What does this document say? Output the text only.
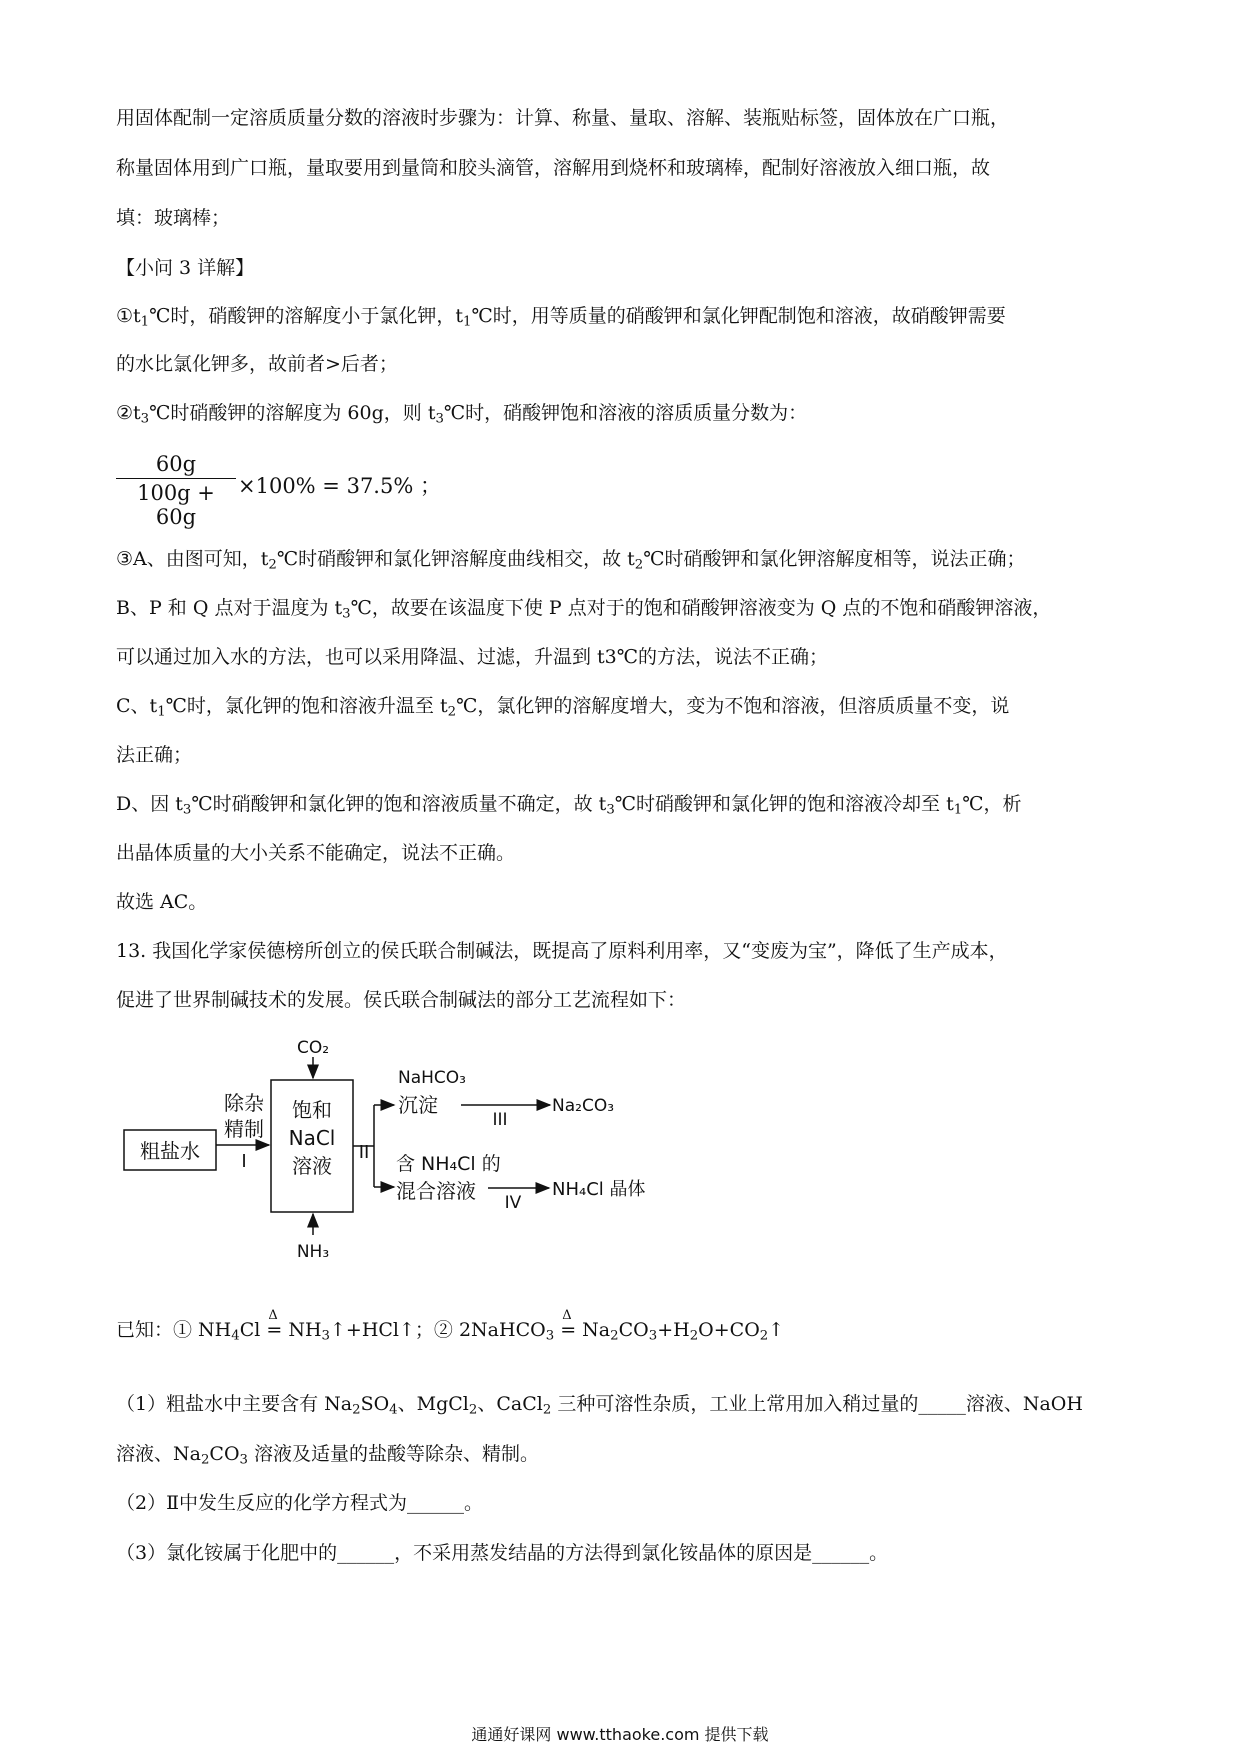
用固体配制一定溶质质量分数的溶液时步骤为：计算、称量、量取、溶解、装瓶贴标签，固体放在广口瓶，
称量固体用到广口瓶，量取要用到量筒和胶头滴管，溶解用到烧杯和玻璃棒，配制好溶液放入细口瓶，故
填：玻璃棒；
【小问 3 详解】
$①t_1℃$时，硝酸钾的溶解度小于氯化钾，$t_1℃$时，用等质量的硝酸钾和氯化钾配制饱和溶液，故硝酸钾需要
的水比氯化钾多，故前者>后者；
$②t_3℃$时硝酸钾的溶解度为 60g，则 $t_3℃$时，硝酸钾饱和溶液的溶质质量分数为：
③A、由图可知，$t_2℃$时硝酸钾和氯化钾溶解度曲线相交，故 $t_2℃$时硝酸钾和氯化钾溶解度相等，说法正确；
B、P 和 Q 点对于温度为 $t_3℃$，故要在该温度下使 P 点对于的饱和硝酸钾溶液变为 Q 点的不饱和硝酸钾溶液，
可以通过加入水的方法，也可以采用降温、过滤，升温到 t3℃的方法，说法不正确；
C、$t_1℃$时，氯化钾的饱和溶液升温至 $t_2℃$，氯化钾的溶解度增大，变为不饱和溶液，但溶质质量不变，说
法正确；
D、因 $t_3℃$时硝酸钾和氯化钾的饱和溶液质量不确定，故 $t_3℃$时硝酸钾和氯化钾的饱和溶液冷却至 $t_1℃$，析
出晶体质量的大小关系不能确定，说法不正确。
故选 AC。
13. 我国化学家侯德榜所创立的侯氏联合制碱法，既提高了原料利用率，又“变废为宝”，降低了生产成本，
促进了世界制碱技术的发展。侯氏联合制碱法的部分工艺流程如下：
已知：① $NH_4Cl$
Δ
= $NH_3↑+HCl↑$；② 2NaHCO$_3$
Δ
= $Na_2CO_3+H_2O+CO_2↑$
（1）粗盐水中主要含有 $Na_2SO_4$、MgCl$_2$、CaCl$_2$ 三种可溶性杂质，工业上常用加入稍过量的_____溶液、NaOH
溶液、$Na_2CO_3$ 溶液及适量的盐酸等除杂、精制。
（2）Ⅱ中发生反应的化学方程式为______。
（3）氯化铵属于化肥中的______，不采用蒸发结晶的方法得到氯化铵晶体的原因是______。
60g
100g + 60g
×100% = 37.5% ；
粗盐水
除杂
精制
I
饱和
NaCl
溶液
CO₂
NH₃
II
NaHCO₃
沉淀
III
Na₂CO₃
含 NH₄Cl 的
混合溶液 IV
NH₄Cl 晶体
通通好课网 www.tthaoke.com 提供下载
